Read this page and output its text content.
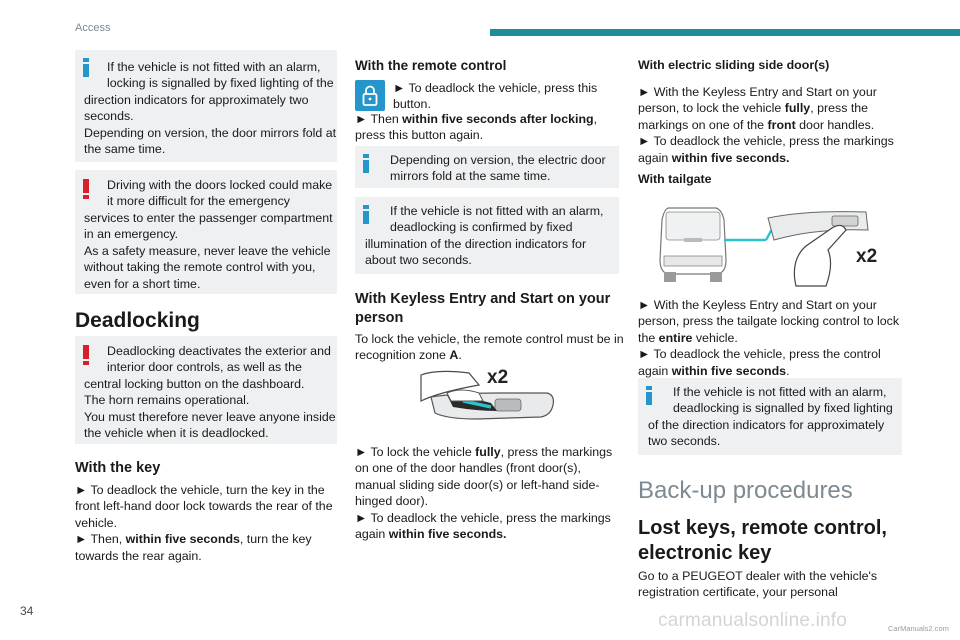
Access
If the vehicle is not fitted with an alarm,
locking is signalled by fixed lighting of the
direction indicators for approximately two
seconds.
Depending on version, the door mirrors fold at
the same time.
Driving with the doors locked could make
it more difficult for the emergency
services to enter the passenger compartment
in an emergency.
As a safety measure, never leave the vehicle
without taking the remote control with you,
even for a short time.
Deadlocking
Deadlocking deactivates the exterior and
interior door controls, as well as the
central locking button on the dashboard.
The horn remains operational.
You must therefore never leave anyone inside
the vehicle when it is deadlocked.
With the key

► To deadlock the vehicle, turn the key in the

front left-hand door lock towards the rear of the

vehicle.

► Then, within five seconds, turn the key

towards the rear again.

With the remote control

► To deadlock the vehicle, press this

button.

► Then within five seconds after locking,

press this button again.

Depending on version, the electric door
mirrors fold at the same time.
If the vehicle is not fitted with an alarm,
deadlocking is confirmed by fixed
illumination of the direction indicators for
about two seconds.
With Keyless Entry and Start on your
person

To lock the vehicle, the remote control must be in

recognition zone A.

x2

► To lock the vehicle fully, press the markings

on one of the door handles (front door(s),

manual sliding side door(s) or left-hand side-

hinged door).

► To deadlock the vehicle, press the markings

again within five seconds.

With electric sliding side door(s)

► With the Keyless Entry and Start on your

person, to lock the vehicle fully, press the

markings on one of the front door handles.

► To deadlock the vehicle, press the markings

again within five seconds.

With tailgate
x2

► With the Keyless Entry and Start on your

person, press the tailgate locking control to lock

the entire vehicle.

► To deadlock the vehicle, press the control

again within five seconds.

If the vehicle is not fitted with an alarm,
deadlocking is signalled by fixed lighting
of the direction indicators for approximately
two seconds.
Back-up procedures
Lost keys, remote control,
electronic key

Go to a PEUGEOT dealer with the vehicle's

registration certificate, your personal

34	carmanualsonline.info	CarManuals2.com
